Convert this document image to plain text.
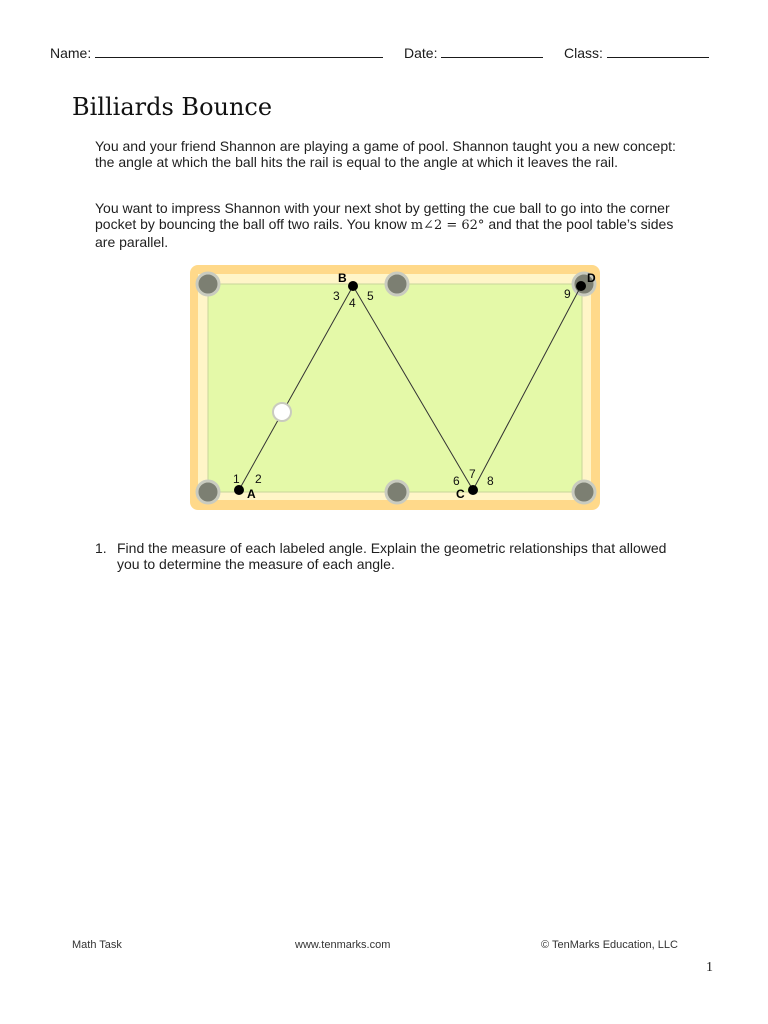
Name:	Date:	Class:
Billiards Bounce
You and your friend Shannon are playing a game of pool. Shannon taught you a new concept: the angle at which the ball hits the rail is equal to the angle at which it leaves the rail.
You want to impress Shannon with your next shot by getting the cue ball to go into the corner pocket by bouncing the ball off two rails. You know m∠2 = 62° and that the pool table’s sides are parallel.
A
B
C
D
1 2
3 4 5
6 7 8
9
1. Find the measure of each labeled angle. Explain the geometric relationships that allowed you to determine the measure of each angle.
Math Task	www.tenmarks.com	© TenMarks Education, LLC
1
